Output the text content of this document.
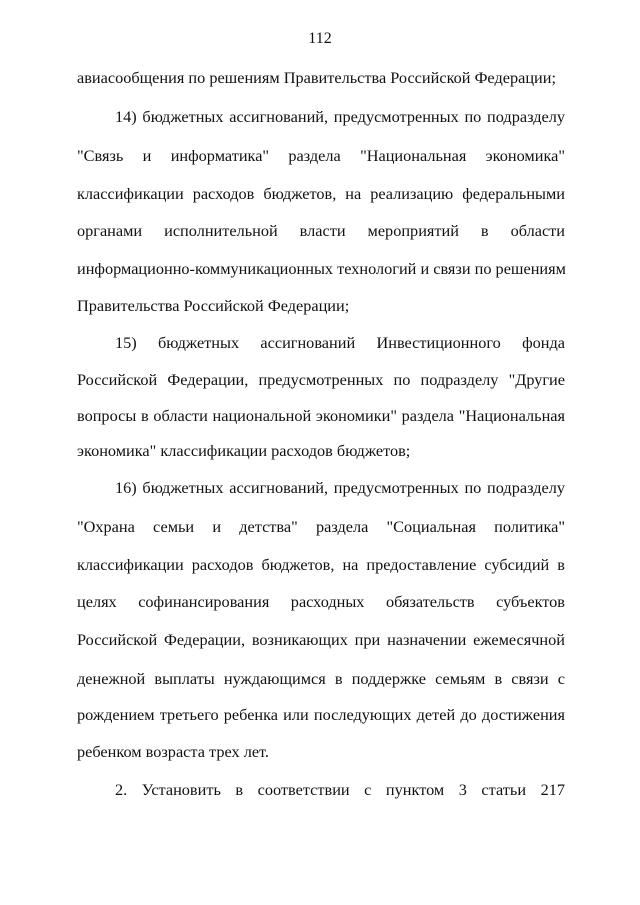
112
авиасообщения по решениям Правительства Российской Федерации;
14) бюджетных ассигнований, предусмотренных по подразделу
"Связь и информатика" раздела "Национальная экономика"
классификации расходов бюджетов, на реализацию федеральными
органами исполнительной власти мероприятий в области
информационно-коммуникационных технологий и связи по решениям
Правительства Российской Федерации;
15) бюджетных ассигнований Инвестиционного фонда
Российской Федерации, предусмотренных по подразделу "Другие
вопросы в области национальной экономики" раздела "Национальная
экономика" классификации расходов бюджетов;
16) бюджетных ассигнований, предусмотренных по подразделу
"Охрана семьи и детства" раздела "Социальная политика"
классификации расходов бюджетов, на предоставление субсидий в
целях софинансирования расходных обязательств субъектов
Российской Федерации, возникающих при назначении ежемесячной
денежной выплаты нуждающимся в поддержке семьям в связи с
рождением третьего ребенка или последующих детей до достижения
ребенком возраста трех лет.
2. Установить в соответствии с пунктом 3 статьи 217
